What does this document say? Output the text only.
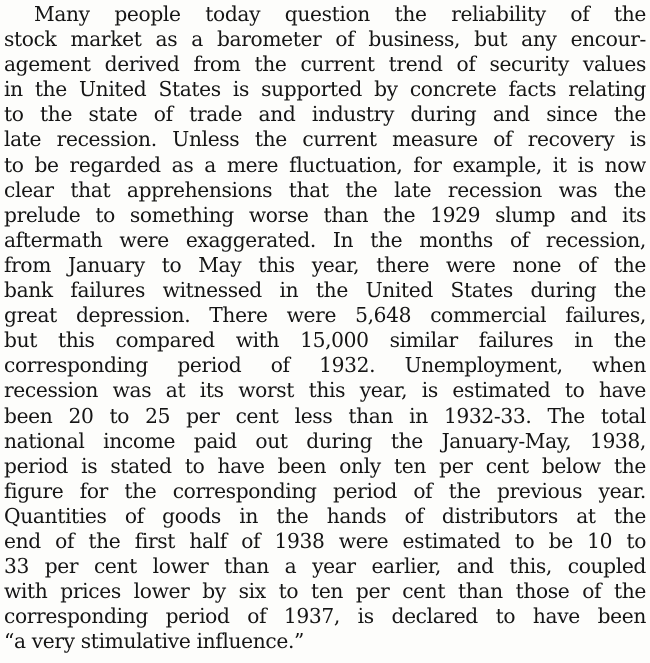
Many people today question the reliability of the
stock market as a barometer of business, but any encour-
agement derived from the current trend of security values
in the United States is supported by concrete facts relating
to the state of trade and industry during and since the
late recession. Unless the current measure of recovery is
to be regarded as a mere fluctuation, for example, it is now
clear that apprehensions that the late recession was the
prelude to something worse than the 1929 slump and its
aftermath were exaggerated. In the months of recession,
from January to May this year, there were none of the
bank failures witnessed in the United States during the
great depression. There were 5,648 commercial failures,
but this compared with 15,000 similar failures in the
corresponding period of 1932. Unemployment, when
recession was at its worst this year, is estimated to have
been 20 to 25 per cent less than in 1932-33. The total
national income paid out during the January-May, 1938,
period is stated to have been only ten per cent below the
figure for the corresponding period of the previous year.
Quantities of goods in the hands of distributors at the
end of the first half of 1938 were estimated to be 10 to
33 per cent lower than a year earlier, and this, coupled
with prices lower by six to ten per cent than those of the
corresponding period of 1937, is declared to have been
“a very stimulative influence.”
